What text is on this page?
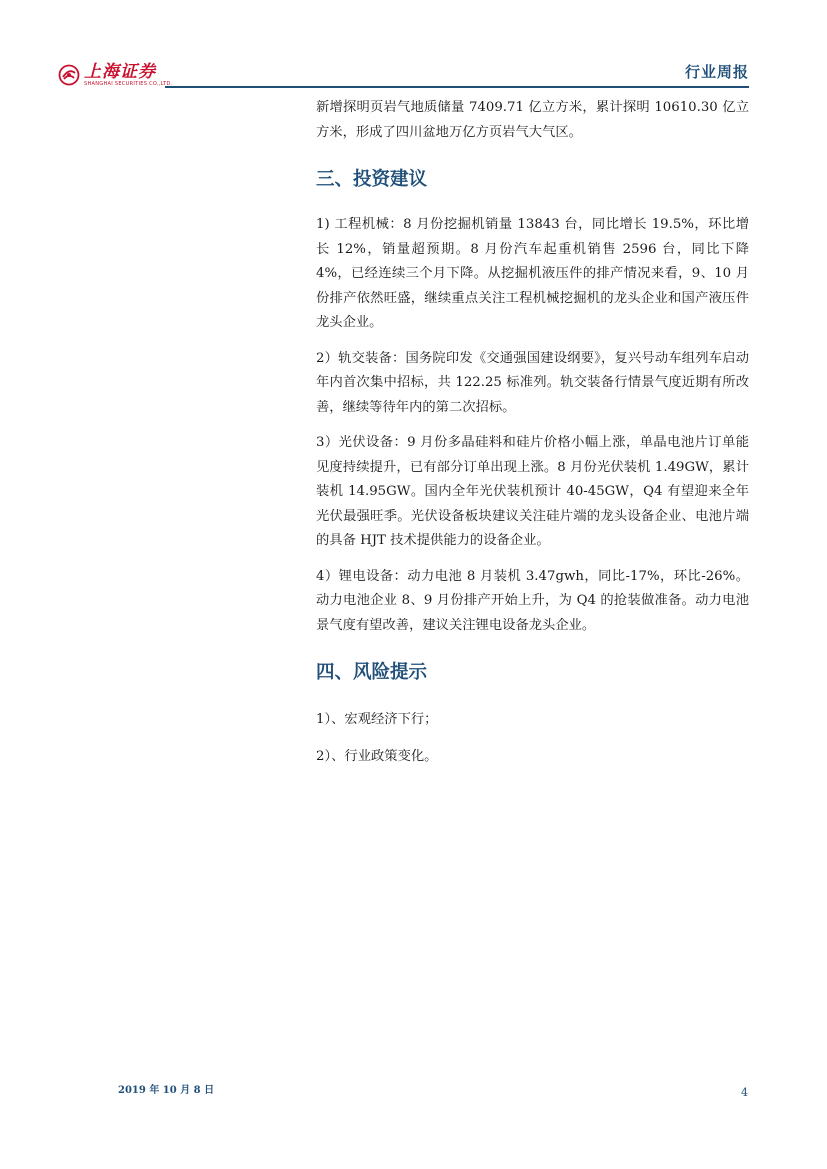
上海证券
SHANGHAI SECURITIES CO.,LTD.
行业周报

新增探明页岩气地质储量 7409.71 亿立方米，累计探明 10610.30 亿立方米，形成了四川盆地万亿方页岩气大气区。

三、投资建议

1) 工程机械：8 月份挖掘机销量 13843 台，同比增长 19.5%，环比增长 12%，销量超预期。8 月份汽车起重机销售 2596 台，同比下降 4%，已经连续三个月下降。从挖掘机液压件的排产情况来看，9、10 月份排产依然旺盛，继续重点关注工程机械挖掘机的龙头企业和国产液压件龙头企业。

2）轨交装备：国务院印发《交通强国建设纲要》，复兴号动车组列车启动年内首次集中招标，共 122.25 标准列。轨交装备行情景气度近期有所改善，继续等待年内的第二次招标。

3）光伏设备：9 月份多晶硅料和硅片价格小幅上涨，单晶电池片订单能见度持续提升，已有部分订单出现上涨。8 月份光伏装机 1.49GW，累计装机 14.95GW。国内全年光伏装机预计 40-45GW，Q4 有望迎来全年光伏最强旺季。光伏设备板块建议关注硅片端的龙头设备企业、电池片端的具备 HJT 技术提供能力的设备企业。

4）锂电设备：动力电池 8 月装机 3.47gwh，同比-17%，环比-26%。动力电池企业 8、9 月份排产开始上升，为 Q4 的抢装做准备。动力电池景气度有望改善，建议关注锂电设备龙头企业。

四、风险提示

1）、宏观经济下行；

2）、行业政策变化。

2019 年 10 月 8 日	4
